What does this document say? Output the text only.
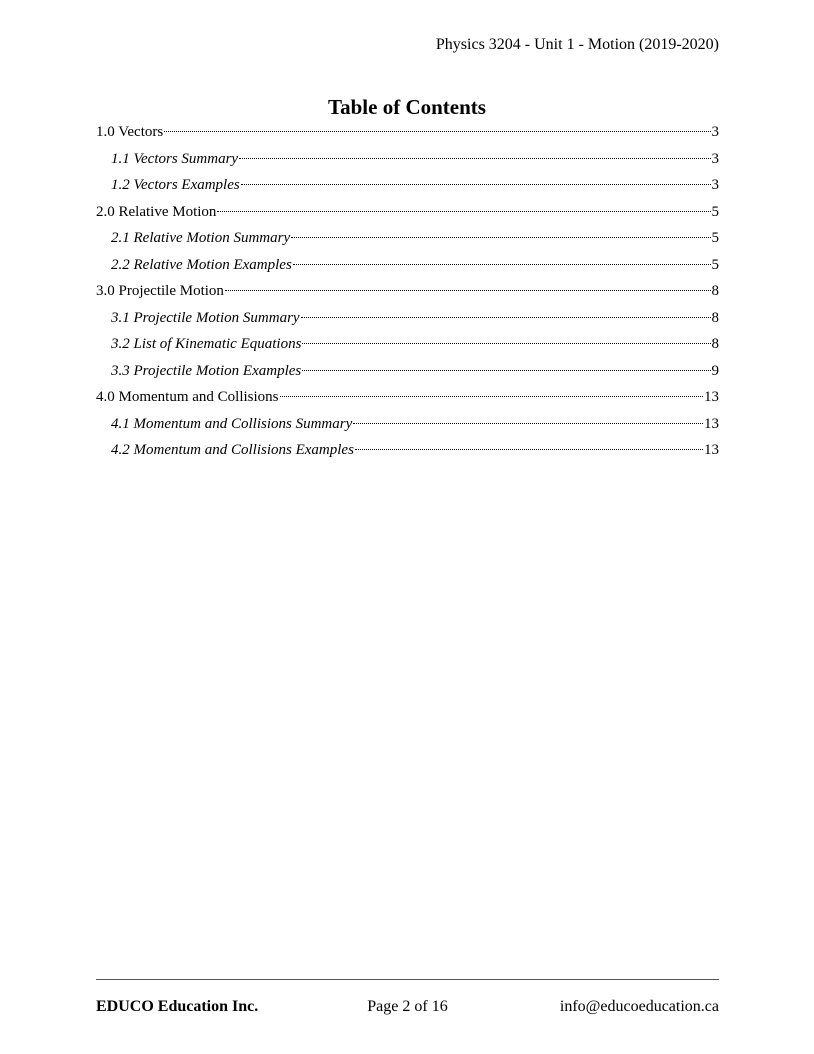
Physics 3204 - Unit 1 - Motion (2019-2020)
Table of Contents
1.0 Vectors	3
1.1 Vectors Summary	3
1.2 Vectors Examples	3
2.0 Relative Motion	5
2.1 Relative Motion Summary	5
2.2 Relative Motion Examples	5
3.0 Projectile Motion	8
3.1 Projectile Motion Summary	8
3.2 List of Kinematic Equations	8
3.3 Projectile Motion Examples	9
4.0 Momentum and Collisions	13
4.1 Momentum and Collisions Summary	13
4.2 Momentum and Collisions Examples	13
EDUCO Education Inc.	Page 2 of 16	info@educoeducation.ca
